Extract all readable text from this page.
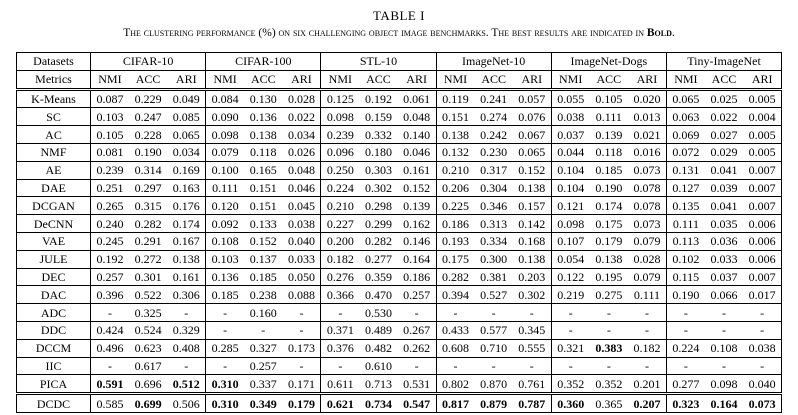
TABLE I
The clustering performance (%) on six challenging object image benchmarks. The best results are indicated in Bold.
Datasets	CIFAR-10			CIFAR-100			STL-10			ImageNet-10			ImageNet-Dogs			Tiny-ImageNet		
Metrics	NMI	ACC	ARI	NMI	ACC	ARI	NMI	ACC	ARI	NMI	ACC	ARI	NMI	ACC	ARI	NMI	ACC	ARI
K-Means	0.087	0.229	0.049	0.084	0.130	0.028	0.125	0.192	0.061	0.119	0.241	0.057	0.055	0.105	0.020	0.065	0.025	0.005
SC	0.103	0.247	0.085	0.090	0.136	0.022	0.098	0.159	0.048	0.151	0.274	0.076	0.038	0.111	0.013	0.063	0.022	0.004
AC	0.105	0.228	0.065	0.098	0.138	0.034	0.239	0.332	0.140	0.138	0.242	0.067	0.037	0.139	0.021	0.069	0.027	0.005
NMF	0.081	0.190	0.034	0.079	0.118	0.026	0.096	0.180	0.046	0.132	0.230	0.065	0.044	0.118	0.016	0.072	0.029	0.005
AE	0.239	0.314	0.169	0.100	0.165	0.048	0.250	0.303	0.161	0.210	0.317	0.152	0.104	0.185	0.073	0.131	0.041	0.007
DAE	0.251	0.297	0.163	0.111	0.151	0.046	0.224	0.302	0.152	0.206	0.304	0.138	0.104	0.190	0.078	0.127	0.039	0.007
DCGAN	0.265	0.315	0.176	0.120	0.151	0.045	0.210	0.298	0.139	0.225	0.346	0.157	0.121	0.174	0.078	0.135	0.041	0.007
DeCNN	0.240	0.282	0.174	0.092	0.133	0.038	0.227	0.299	0.162	0.186	0.313	0.142	0.098	0.175	0.073	0.111	0.035	0.006
VAE	0.245	0.291	0.167	0.108	0.152	0.040	0.200	0.282	0.146	0.193	0.334	0.168	0.107	0.179	0.079	0.113	0.036	0.006
JULE	0.192	0.272	0.138	0.103	0.137	0.033	0.182	0.277	0.164	0.175	0.300	0.138	0.054	0.138	0.028	0.102	0.033	0.006
DEC	0.257	0.301	0.161	0.136	0.185	0.050	0.276	0.359	0.186	0.282	0.381	0.203	0.122	0.195	0.079	0.115	0.037	0.007
DAC	0.396	0.522	0.306	0.185	0.238	0.088	0.366	0.470	0.257	0.394	0.527	0.302	0.219	0.275	0.111	0.190	0.066	0.017
ADC	-	0.325	-	-	0.160	-	-	0.530	-	-	-	-	-	-	-	-	-	-
DDC	0.424	0.524	0.329	-	-	-	0.371	0.489	0.267	0.433	0.577	0.345	-	-	-	-	-	-
DCCM	0.496	0.623	0.408	0.285	0.327	0.173	0.376	0.482	0.262	0.608	0.710	0.555	0.321	0.383	0.182	0.224	0.108	0.038
IIC	-	0.617	-	-	0.257	-	-	0.610	-	-	-	-	-	-	-	-	-	-
PICA	0.591	0.696	0.512	0.310	0.337	0.171	0.611	0.713	0.531	0.802	0.870	0.761	0.352	0.352	0.201	0.277	0.098	0.040
DCDC	0.585	0.699	0.506	0.310	0.349	0.179	0.621	0.734	0.547	0.817	0.879	0.787	0.360	0.365	0.207	0.323	0.164	0.073
